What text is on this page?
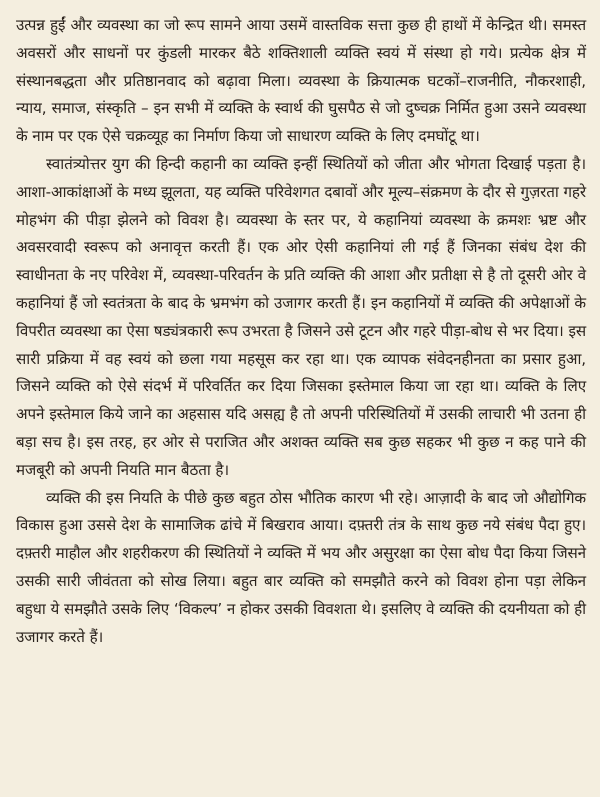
उत्पन्न हुईं और व्यवस्था का जो रूप सामने आया उसमें वास्तविक सत्ता कुछ ही हाथों में केन्द्रित थी। समस्त अवसरों और साधनों पर कुंडली मारकर बैठे शक्तिशाली व्यक्ति स्वयं में संस्था हो गये। प्रत्येक क्षेत्र में संस्थानबद्धता और प्रतिष्ठानवाद को बढ़ावा मिला। व्यवस्था के क्रियात्मक घटकों–राजनीति, नौकरशाही, न्याय, समाज, संस्कृति – इन सभी में व्यक्ति के स्वार्थ की घुसपैठ से जो दुष्चक्र निर्मित हुआ उसने व्यवस्था के नाम पर एक ऐसे चक्रव्यूह का निर्माण किया जो साधारण व्यक्ति के लिए दमघोंटू था।

स्वातंत्र्योत्तर युग की हिन्दी कहानी का व्यक्ति इन्हीं स्थितियों को जीता और भोगता दिखाई पड़ता है। आशा-आकांक्षाओं के मध्य झूलता, यह व्यक्ति परिवेशगत दबावों और मूल्य–संक्रमण के दौर से गुज़रता गहरे मोहभंग की पीड़ा झेलने को विवश है। व्यवस्था के स्तर पर, ये कहानियां व्यवस्था के क्रमशः भ्रष्ट और अवसरवादी स्वरूप को अनावृत्त करती हैं। एक ओर ऐसी कहानियां ली गई हैं जिनका संबंध देश की स्वाधीनता के नए परिवेश में, व्यवस्था-परिवर्तन के प्रति व्यक्ति की आशा और प्रतीक्षा से है तो दूसरी ओर वे कहानियां हैं जो स्वतंत्रता के बाद के भ्रमभंग को उजागर करती हैं। इन कहानियों में व्यक्ति की अपेक्षाओं के विपरीत व्यवस्था का ऐसा षड्यंत्रकारी रूप उभरता है जिसने उसे टूटन और गहरे पीड़ा-बोध से भर दिया। इस सारी प्रक्रिया में वह स्वयं को छला गया महसूस कर रहा था। एक व्यापक संवेदनहीनता का प्रसार हुआ, जिसने व्यक्ति को ऐसे संदर्भ में परिवर्तित कर दिया जिसका इस्तेमाल किया जा रहा था। व्यक्ति के लिए अपने इस्तेमाल किये जाने का अहसास यदि असह्य है तो अपनी परिस्थितियों में उसकी लाचारी भी उतना ही बड़ा सच है। इस तरह, हर ओर से पराजित और अशक्त व्यक्ति सब कुछ सहकर भी कुछ न कह पाने की मजबूरी को अपनी नियति मान बैठता है।

व्यक्ति की इस नियति के पीछे कुछ बहुत ठोस भौतिक कारण भी रहे। आज़ादी के बाद जो औद्योगिक विकास हुआ उससे देश के सामाजिक ढांचे में बिखराव आया। दफ़्तरी तंत्र के साथ कुछ नये संबंध पैदा हुए। दफ़्तरी माहौल और शहरीकरण की स्थितियों ने व्यक्ति में भय और असुरक्षा का ऐसा बोध पैदा किया जिसने उसकी सारी जीवंतता को सोख लिया। बहुत बार व्यक्ति को समझौते करने को विवश होना पड़ा लेकिन बहुधा ये समझौते उसके लिए ‘विकल्प’ न होकर उसकी विवशता थे। इसलिए वे व्यक्ति की दयनीयता को ही उजागर करते हैं।
